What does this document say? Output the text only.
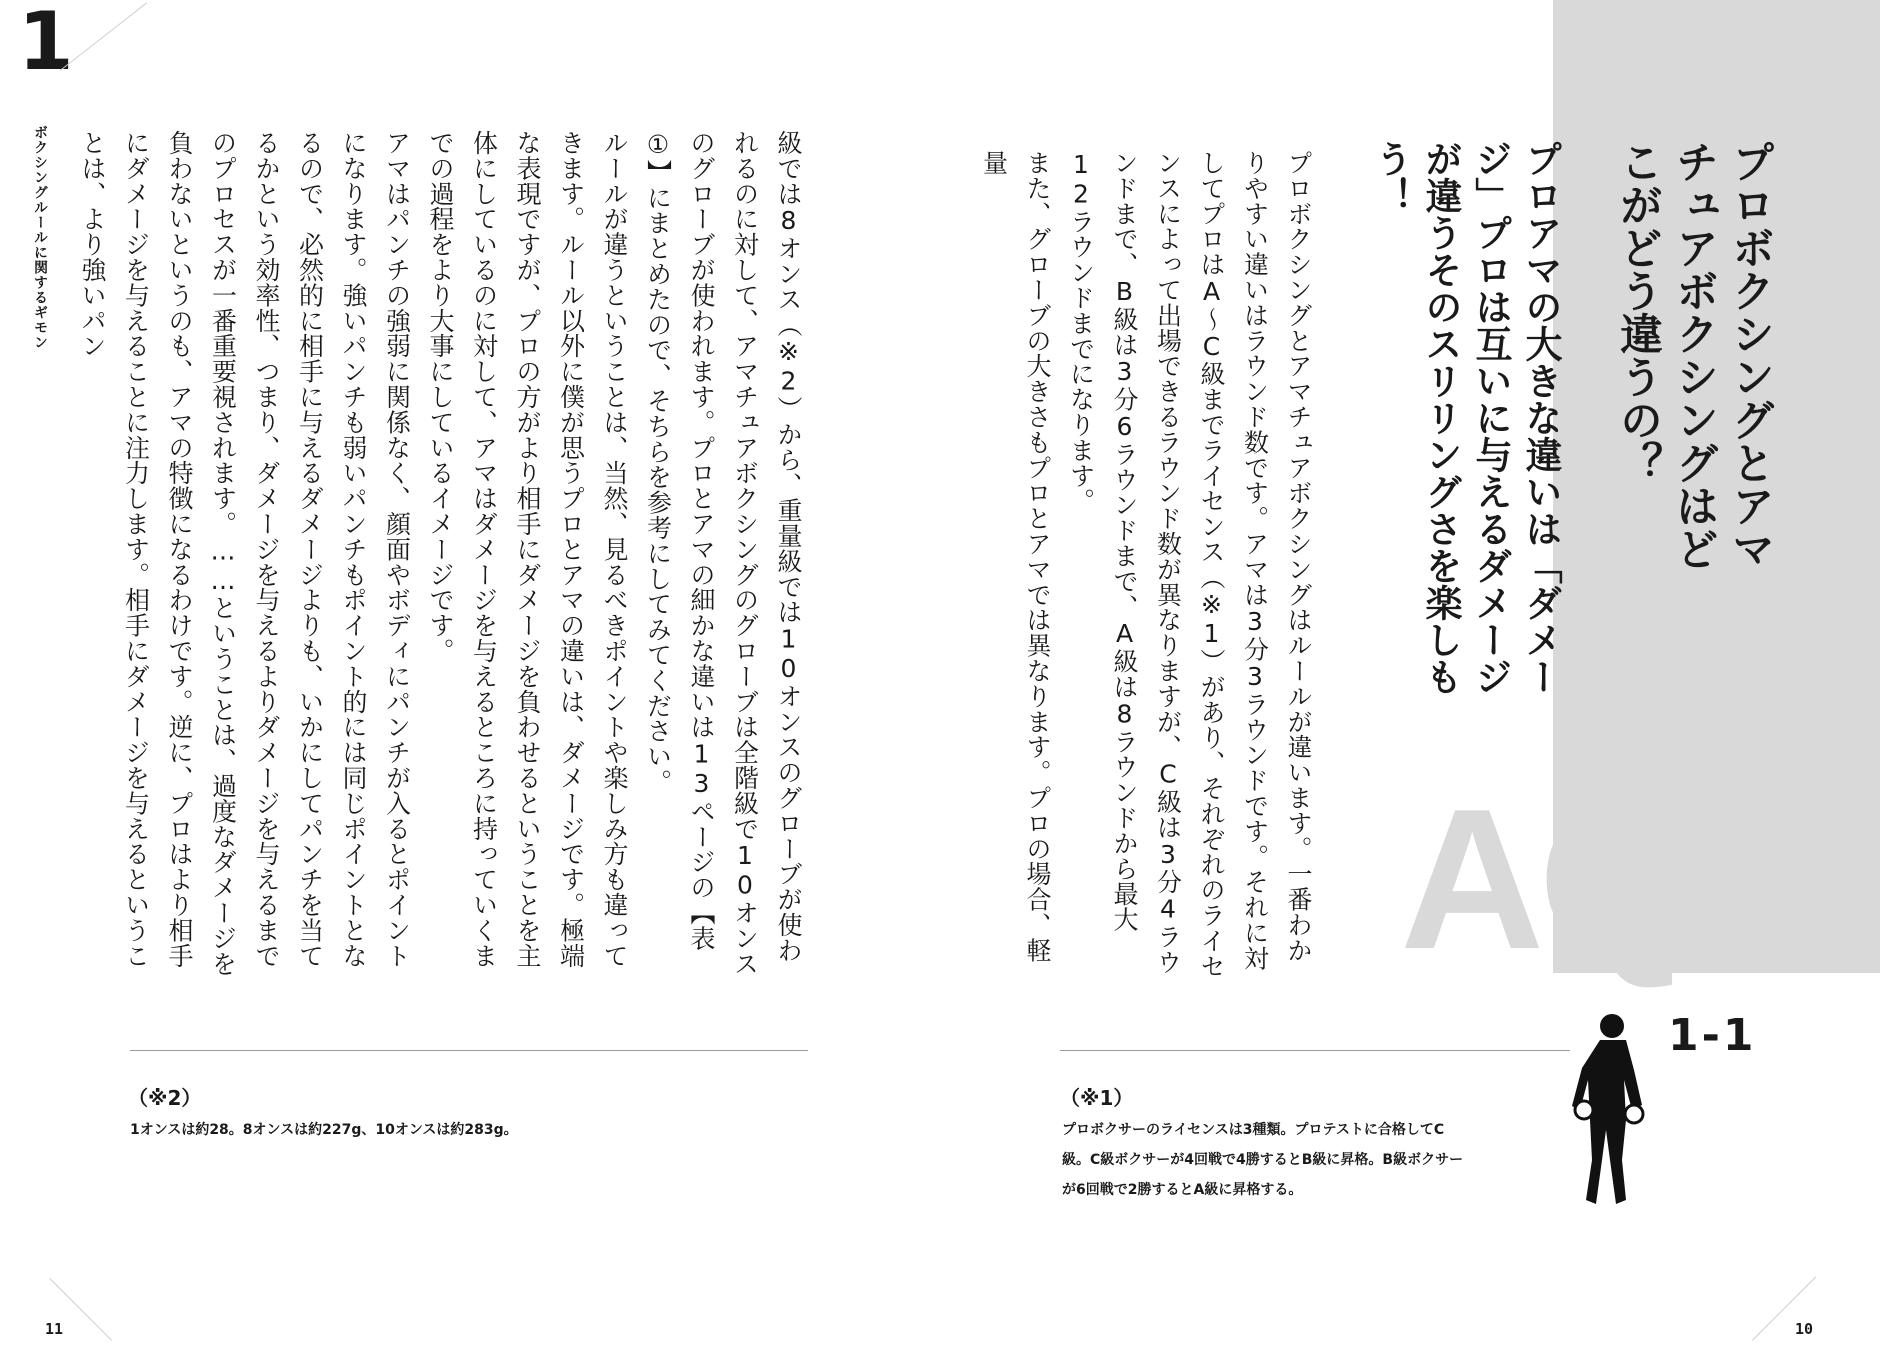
1
ボクシングルールに関するギモン	級では8オンス（※2）から、重量級では10オンスのグローブが使われるのに対して、アマチュアボクシングのグローブは全階級で10オンスのグローブが使われます。プロとアマの細かな違いは13ページの【表①】にまとめたので、そちらを参考にしてみてください。

ルールが違うということは、当然、見るべきポイントや楽しみ方も違ってきます。ルール以外に僕が思うプロとアマの違いは、ダメージです。極端な表現ですが、プロの方がより相手にダメージを負わせるということを主体にしているのに対して、アマはダメージを与えるところに持っていくまでの過程をより大事にしているイメージです。

アマはパンチの強弱に関係なく、顔面やボディにパンチが入るとポイントになります。強いパンチも弱いパンチもポイント的には同じポイントとなるので、必然的に相手に与えるダメージよりも、いかにしてパンチを当てるかという効率性、つまり、ダメージを与えるよりダメージを与えるまでのプロセスが一番重要視されます。……ということは、過度なダメージを負わないというのも、アマの特徴になるわけです。逆に、プロはより相手にダメージを与えることに注力します。相手にダメージを与えるということは、より強いパン

（※2）
1オンスは約28。8オンスは約227g、10オンスは約283g。
11
AQ
プロボクシングとアマチュアボクシングはどこがどう違うの？
プロアマの大きな違いは「ダメージ」プロは互いに与えるダメージが違うそのスリリングさを楽しもう！

プロボクシングとアマチュアボクシングはルールが違います。一番わかりやすい違いはラウンド数です。アマは3分3ラウンドです。それに対してプロはA～C級までライセンス（※1）があり、それぞれのライセンスによって出場できるラウンド数が異なりますが、C級は3分4ラウンドまで、B級は3分6ラウンドまで、A級は8ラウンドから最大12ラウンドまでになります。

また、グローブの大きさもプロとアマでは異なります。プロの場合、軽量

（※1）
プロボクサーのライセンスは3種類。プロテストに合格してC級。C級ボクサーが4回戦で4勝するとB級に昇格。B級ボクサーが6回戦で2勝するとA級に昇格する。
1-1
10
